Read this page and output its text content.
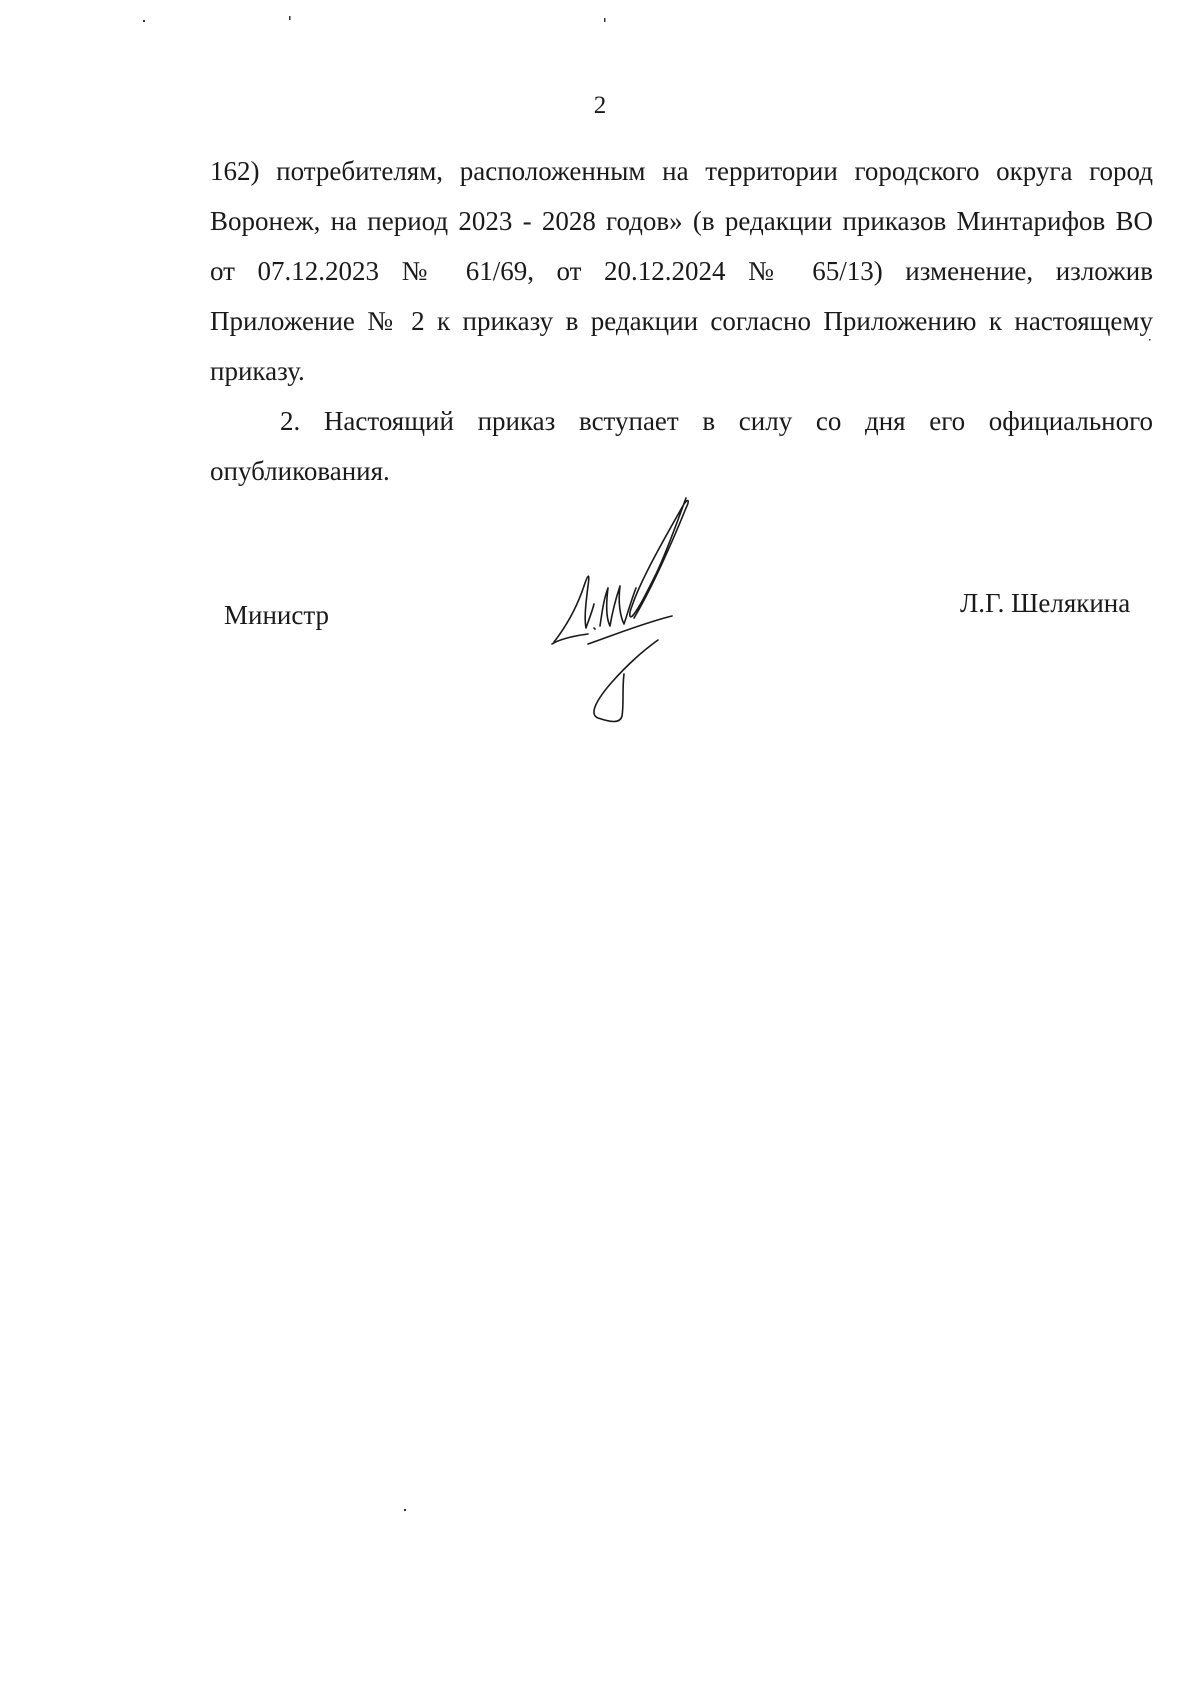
2
162) потребителям, расположенным на территории городского округа город
Воронеж, на период 2023 - 2028 годов» (в редакции приказов Минтарифов ВО
от 07.12.2023 № 61/69, от 20.12.2024 № 65/13) изменение, изложив
Приложение № 2 к приказу в редакции согласно Приложению к настоящему
приказу.
2. Настоящий приказ вступает в силу со дня его официального
опубликования.
Министр	Л.Г. Шелякина
